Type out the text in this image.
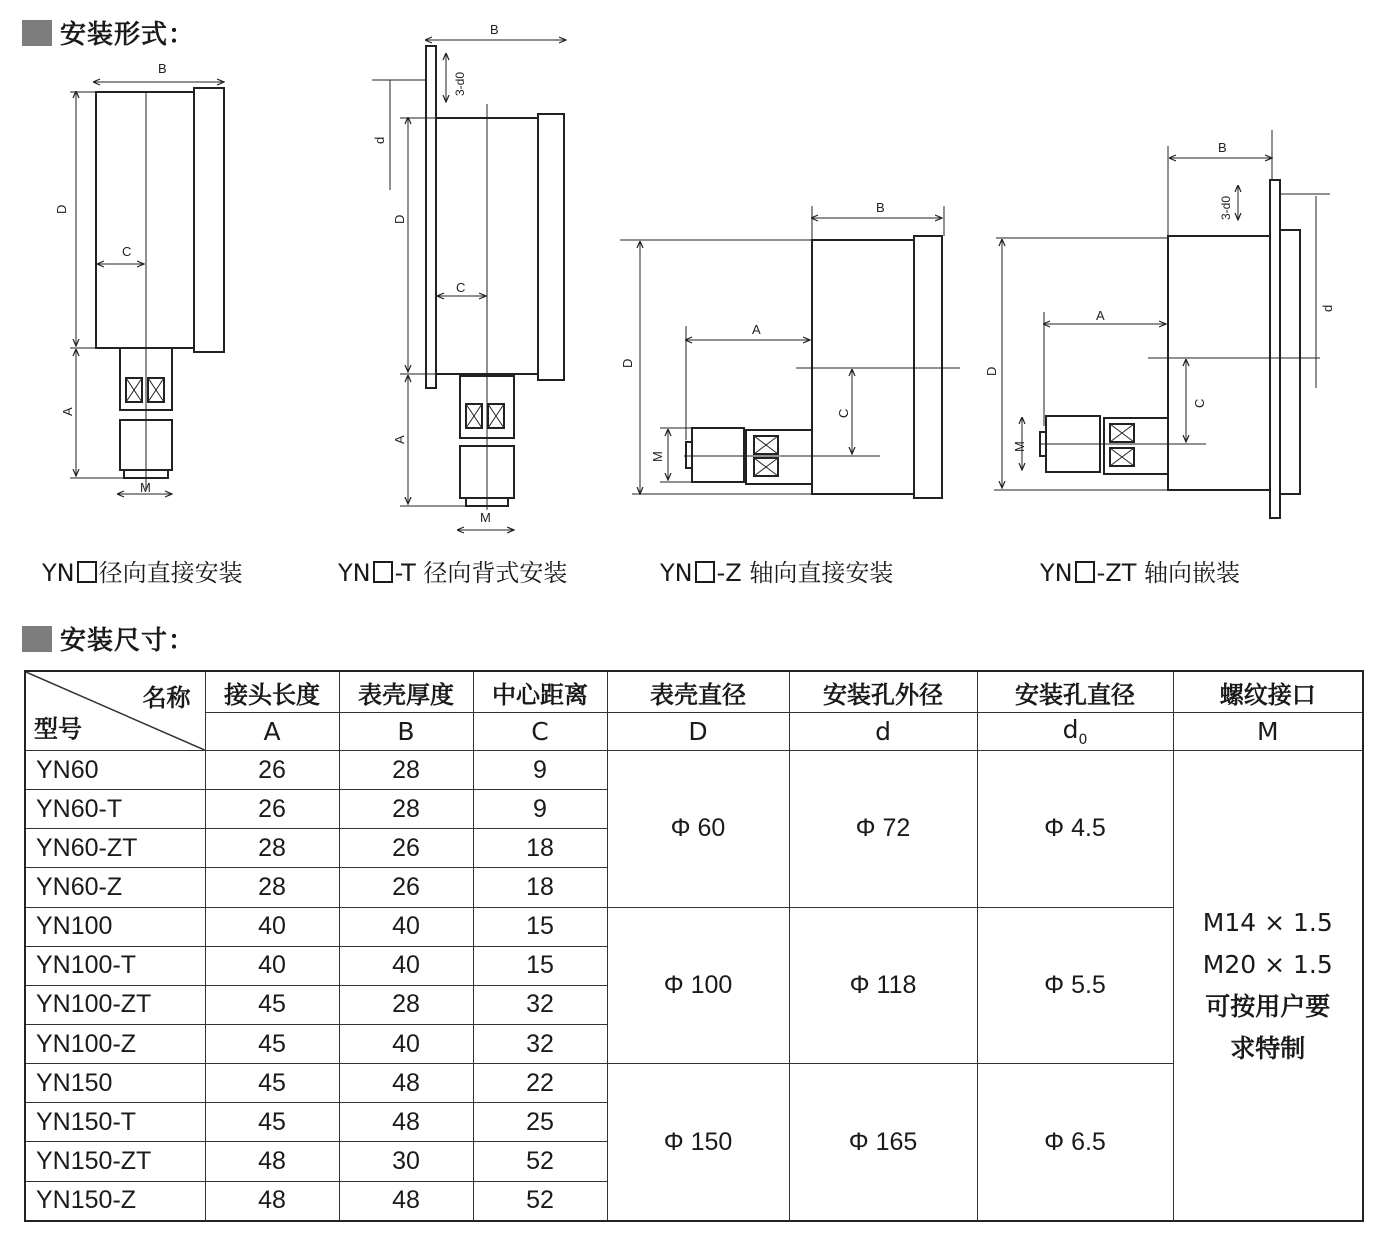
安装形式：
安装尺寸：
B
D
C
A
M
B
3-d0
d
D
C
A
M
B
D
A
C
M
B
3-d0
d
D
A
C
M
YN 径向直接安装	YN -T 径向背式安装	YN -Z 轴向直接安装	YN -ZT 轴向嵌装
名称
型号	接头长度	表壳厚度	中心距离	表壳直径	安装孔外径	安装孔直径	螺纹接口
	A	B	C	D	d	$d_0$	M
YN60	26	28	9	Φ 60	Φ 72	Φ 4.5	M14 × 1.5
M20 × 1.5
可按用户要
求特制

YN60-T	26	28	9				
YN60-ZT	28	26	18				
YN60-Z	28	26	18				
YN100	40	40	15	Φ 100	Φ 118	Φ 5.5	
YN100-T	40	40	15				
YN100-ZT	45	28	32				
YN100-Z	45	40	32				
YN150	45	48	22	Φ 150	Φ 165	Φ 6.5	
YN150-T	45	48	25				
YN150-ZT	48	30	52				
YN150-Z	48	48	52				
